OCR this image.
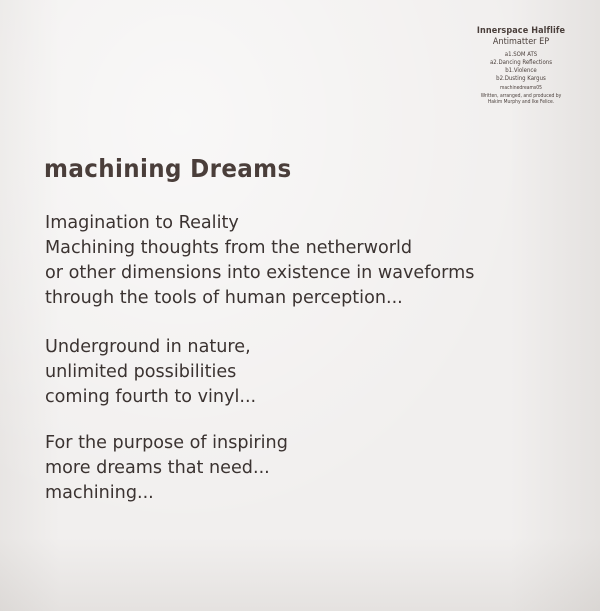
Innerspace Halflife
Antimatter EP
a1.SOM ATS
a2.Dancing Reflections
b1.Violence
b2.Dusting Kargus
machinedreams05
Written, arranged, and produced by
Hakim Murphy and Ike Felice.
machining Dreams
Imagination to Reality
Machining thoughts from the netherworld
or other dimensions into existence in waveforms
through the tools of human perception...
Underground in nature,
unlimited possibilities
coming fourth to vinyl...
For the purpose of inspiring
more dreams that need...
machining...
